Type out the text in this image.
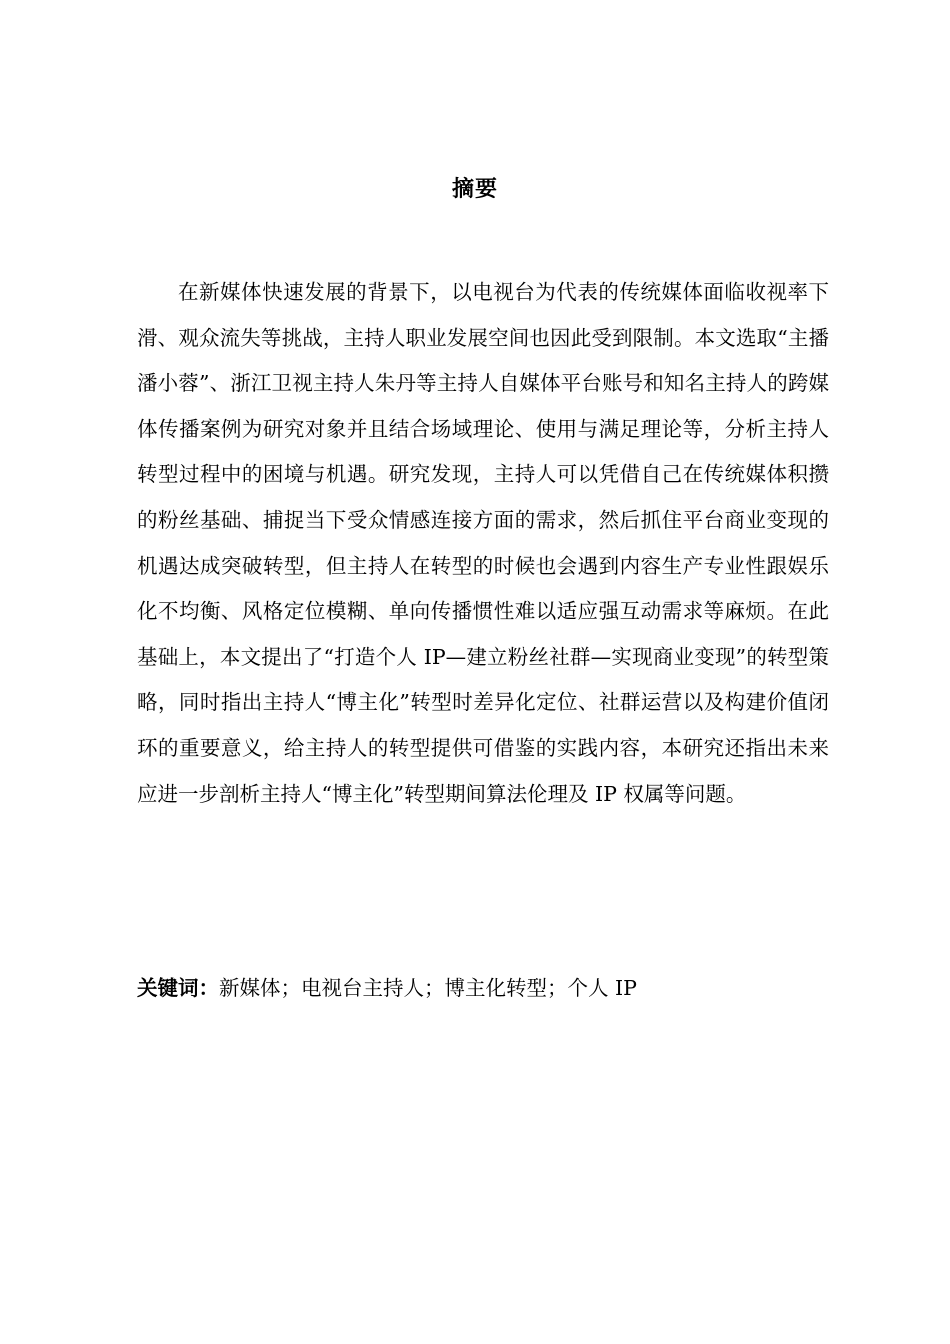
摘要

在新媒体快速发展的背景下，以电视台为代表的传统媒体面临收视率下滑、观众流失等挑战，主持人职业发展空间也因此受到限制。本文选取“主播潘小蓉”、浙江卫视主持人朱丹等主持人自媒体平台账号和知名主持人的跨媒体传播案例为研究对象并且结合场域理论、使用与满足理论等，分析主持人转型过程中的困境与机遇。研究发现，主持人可以凭借自己在传统媒体积攒的粉丝基础、捕捉当下受众情感连接方面的需求，然后抓住平台商业变现的机遇达成突破转型，但主持人在转型的时候也会遇到内容生产专业性跟娱乐化不均衡、风格定位模糊、单向传播惯性难以适应强互动需求等麻烦。在此基础上，本文提出了“打造个人 IP—建立粉丝社群—实现商业变现”的转型策略，同时指出主持人“博主化”转型时差异化定位、社群运营以及构建价值闭环的重要意义，给主持人的转型提供可借鉴的实践内容，本研究还指出未来应进一步剖析主持人“博主化”转型期间算法伦理及 IP 权属等问题。

关键词：新媒体；电视台主持人；博主化转型；个人 IP
